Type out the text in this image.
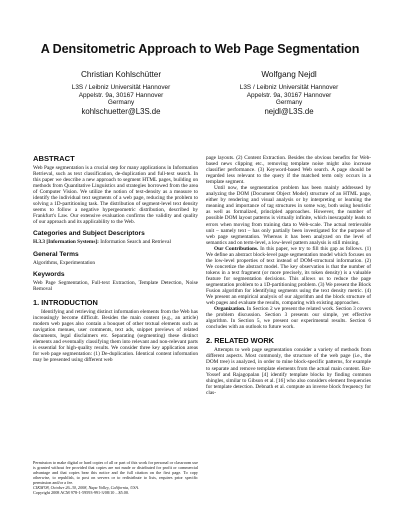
A Densitometric Approach to Web Page Segmentation
Christian Kohlschütter
L3S / Leibniz Universität Hannover
Appelstr. 9a, 30167 Hannover
Germany
kohlschuetter@L3S.de
Wolfgang Nejdl
L3S / Leibniz Universität Hannover
Appelstr. 9a, 30167 Hannover
Germany
nejdl@L3S.de
ABSTRACT

Web Page segmentation is a crucial step for many applications in Information Retrieval, such as text classification, de-duplication and full-text search. In this paper we describe a new approach to segment HTML pages, building on methods from Quantitative Linguistics and strategies borrowed from the area of Computer Vision. We utilize the notion of text-density as a measure to identify the individual text segments of a web page, reducing the problem to solving a 1D-partitioning task. The distribution of segment-level text density seems to follow a negative hypergeometric distribution, described by Frankfurt's Law. Our extensive evaluation confirms the validity and quality of our approach and its applicability to the Web.

Categories and Subject Descriptors

H.3.3 [Information Systems]: Information Search and Retrieval

General Terms

Algorithms, Experimentation

Keywords

Web Page Segmentation, Full-text Extraction, Template Detection, Noise Removal

1. INTRODUCTION

Identifying and retrieving distinct information elements from the Web has increasingly become difficult. Besides the main content (e.g., an article) modern web pages also contain a bouquet of other textual elements such as navigation menues, user comments, text ads, snippet previews of related documents, legal disclaimers etc. Separating (segmenting) these distinct elements and eventually classifying them into relevant and non-relevant parts is essential for high-quality results. We consider three key application areas for web page segmentation: (1) De-duplication. Identical content information may be presented using different web

Permission to make digital or hard copies of all or part of this work for personal or classroom use is granted without fee provided that copies are not made or distributed for profit or commercial advantage and that copies bear this notice and the full citation on the first page. To copy otherwise, to republish, to post on servers or to redistribute to lists, requires prior specific permission and/or a fee.

CIKM'08, October 26–30, 2008, Napa Valley, California, USA.

Copyright 2008 ACM 978-1-59593-991-3/08/10 ...$5.00.

page layouts. (2) Content Extraction. Besides the obvious benefits for Web-based news clipping etc., removing template noise might also increase classifier performance. (3) Keyword-based Web search. A page should be regarded less relevant to the query if the matched term only occurs in a template segment.

Until now, the segmentation problem has been mainly addressed by analyzing the DOM (Document Object Model) structure of an HTML page, either by rendering and visual analysis or by interpreting or learning the meaning and importance of tag structures in some way, both using heuristic as well as formalized, principled approaches. However, the number of possible DOM layout patterns is virtually infinite, which inescapably leads to errors when moving from training data to Web-scale. The actual retrievable unit – namely text – has only partially been investigated for the purpose of web page segmentation. Whereas it has been analyzed on the level of semantics and on term-level, a low-level pattern analysis is still missing.

Our Contributions. In this paper, we try to fill this gap as follows. (1) We define an abstract block-level page segmentation model which focuses on the low-level properties of text instead of DOM-structural information. (2) We concretize the abstract model. The key observation is that the number of tokens in a text fragment (or more precisely, its token density) is a valuable feature for segmentation decisions. This allows us to reduce the page segmentation problem to a 1D-partitioning problem. (3) We present the Block Fusion algorithm for identifying segments using the text density metric. (4) We present an empirical analysis of our algorithm and the block structure of web pages and evaluate the results, comparing with existing approaches.

Organization. In Section 2 we present the related work. Section 3 covers the problem discussion. Section 3 presents our simple, yet effective algorithm. In Section 5, we present our experimental results. Section 6 concludes with an outlook to future work.

2. RELATED WORK

Attempts to web page segmentation consider a variety of methods from different aspects. Most commonly, the structure of the web page (i.e., the DOM tree) is analyzed, in order to mine block-specific patterns, for example to separate and remove template elements from the actual main content. Bar-Yossef and Rajagopalan [4] identify template blocks by finding common shingles, similar to Gibson et al. [16] who also considers element frequencies for template detection. Debnath et al. compute an inverse block frequency for clas-
